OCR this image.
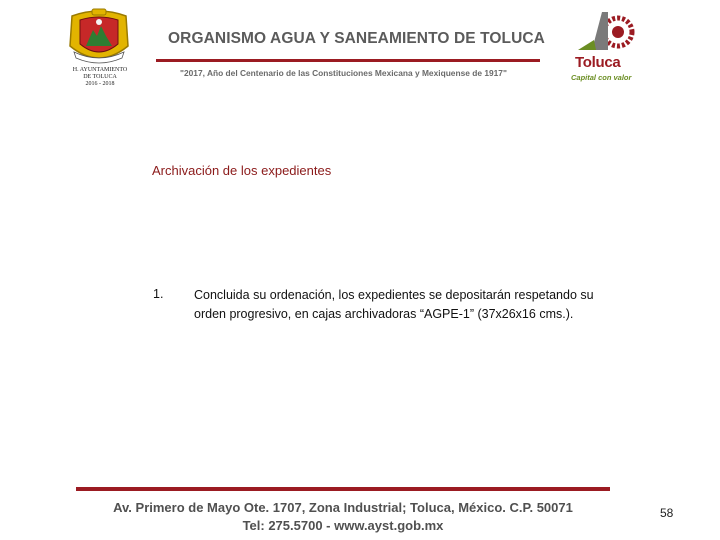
H. AYUNTAMIENTO
DE TOLUCA
2016 - 2018
ORGANISMO AGUA Y SANEAMIENTO DE TOLUCA
"2017, Año del Centenario de las Constituciones Mexicana y Mexiquense de 1917"
Toluca
Capital con valor
Archivación de los expedientes
1. Concluida su ordenación, los expedientes se depositarán respetando su orden progresivo, en cajas archivadoras “AGPE-1” (37x26x16 cms.).
Av. Primero de Mayo Ote. 1707, Zona Industrial; Toluca, México. C.P. 50071
Tel: 275.5700 - www.ayst.gob.mx
58
